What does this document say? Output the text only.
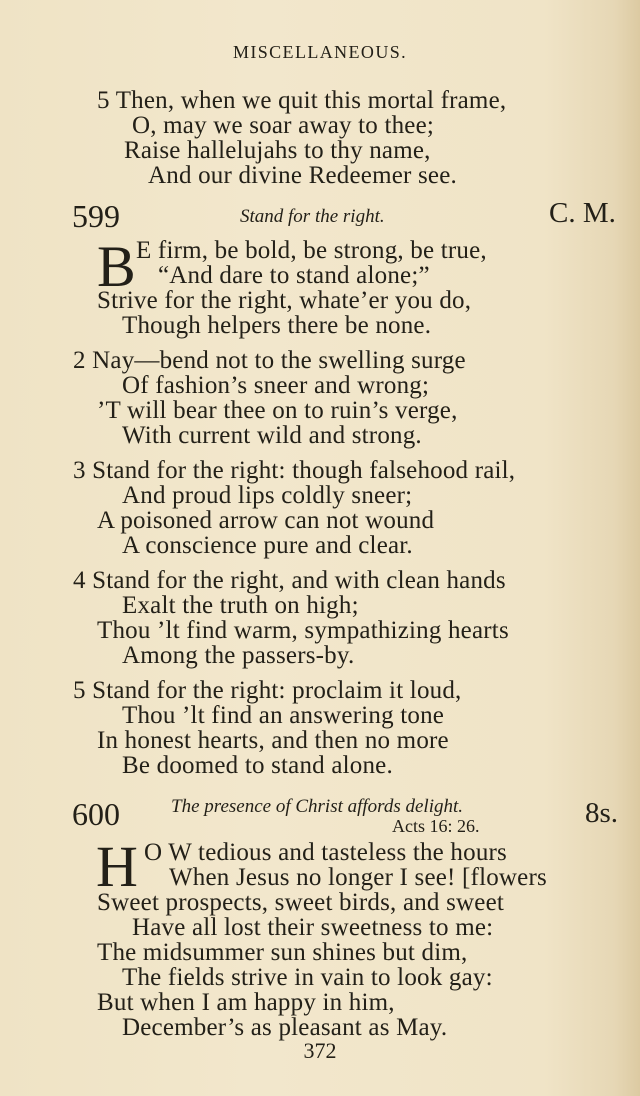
MISCELLANEOUS.
5 Then, when we quit this mortal frame,
O, may we soar away to thee;
Raise hallelujahs to thy name,
And our divine Redeemer see.
599	Stand for the right.	C. M.
B E firm, be bold, be strong, be true,
“And dare to stand alone;”
Strive for the right, whate’er you do,
Though helpers there be none.
2 Nay—bend not to the swelling surge
Of fashion’s sneer and wrong;
’T will bear thee on to ruin’s verge,
With current wild and strong.
3 Stand for the right: though falsehood rail,
And proud lips coldly sneer;
A poisoned arrow can not wound
A conscience pure and clear.
4 Stand for the right, and with clean hands
Exalt the truth on high;
Thou ’lt find warm, sympathizing hearts
Among the passers-by.
5 Stand for the right: proclaim it loud,
Thou ’lt find an answering tone
In honest hearts, and then no more
Be doomed to stand alone.
600	The presence of Christ affords delight.
Acts 16: 26.	8s.
H O W tedious and tasteless the hours
When Jesus no longer I see! [flowers
Sweet prospects, sweet birds, and sweet
Have all lost their sweetness to me:
The midsummer sun shines but dim,
The fields strive in vain to look gay:
But when I am happy in him,
December’s as pleasant as May.
372
